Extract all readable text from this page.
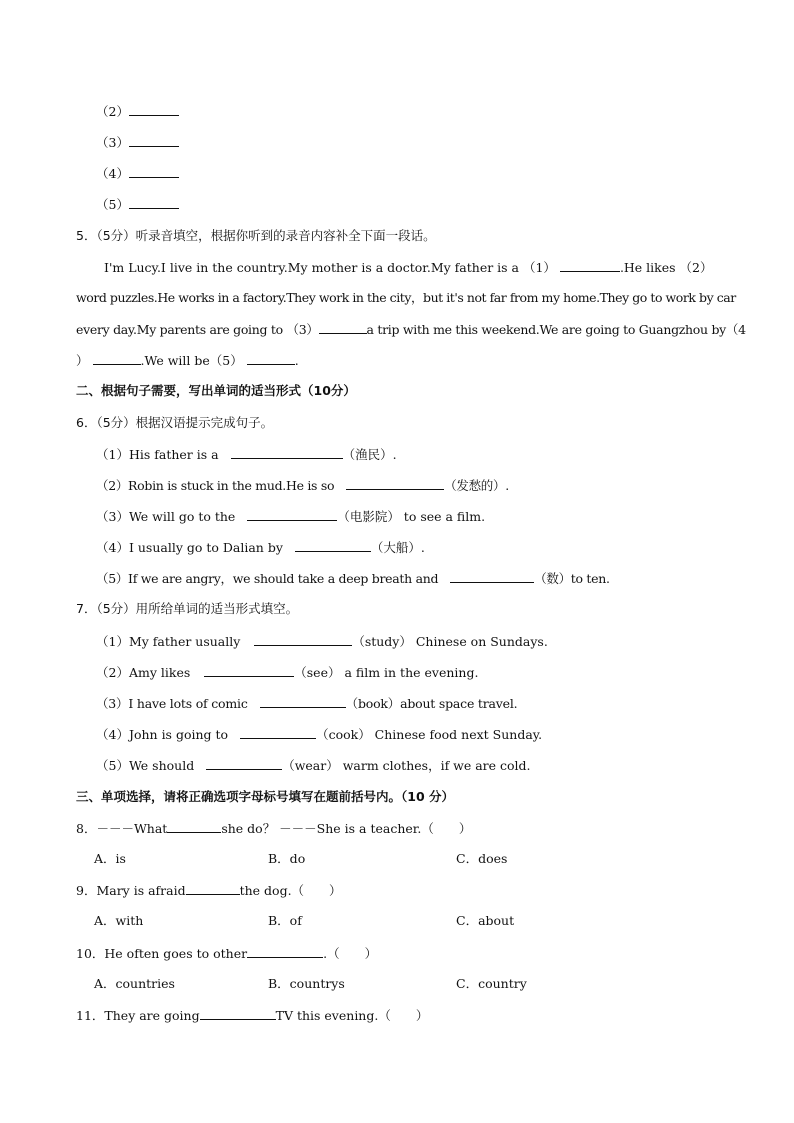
（2）
（3）
（4）
（5）
5．（5分）听录音填空，根据你听到的录音内容补全下面一段话。
I'm Lucy.I live in the country.My mother is a doctor.My father is a （1）	.He likes （2）
word puzzles.He works in a factory.They work in the city，but it's not far from my home.They go to work by car
every day.My parents are going to （3）	a trip with me this weekend.We are going to Guangzhou by（4
）	.We will be（5）	.
二、根据句子需要，写出单词的适当形式（10分）
6．（5分）根据汉语提示完成句子。
（1）His father is a	（渔民）.
（2）Robin is stuck in the mud.He is so	（发愁的）.
（3）We will go to the	（电影院） to see a film.
（4）I usually go to Dalian by	（大船）.
（5）If we are angry，we should take a deep breath and	（数）to ten.
7．（5分）用所给单词的适当形式填空。
（1）My father usually	（study） Chinese on Sundays.
（2）Amy likes	（see） a film in the evening.
（3）I have lots of comic	（book）about space travel.
（4）John is going to	（cook） Chinese food next Sunday.
（5）We should	（wear） warm clothes，if we are cold.
三、单项选择，请将正确选项字母标号填写在题前括号内。（10 分）
8．－－－What	she do？ －－－She is a teacher.（　　）
A．is	B．do	C．does
9．Mary is afraid	the dog.（　　）
A．with	B．of	C．about
10．He often goes to other	.（　　）
A．countries	B．countrys	C．country
11．They are going	TV this evening.（　　）
